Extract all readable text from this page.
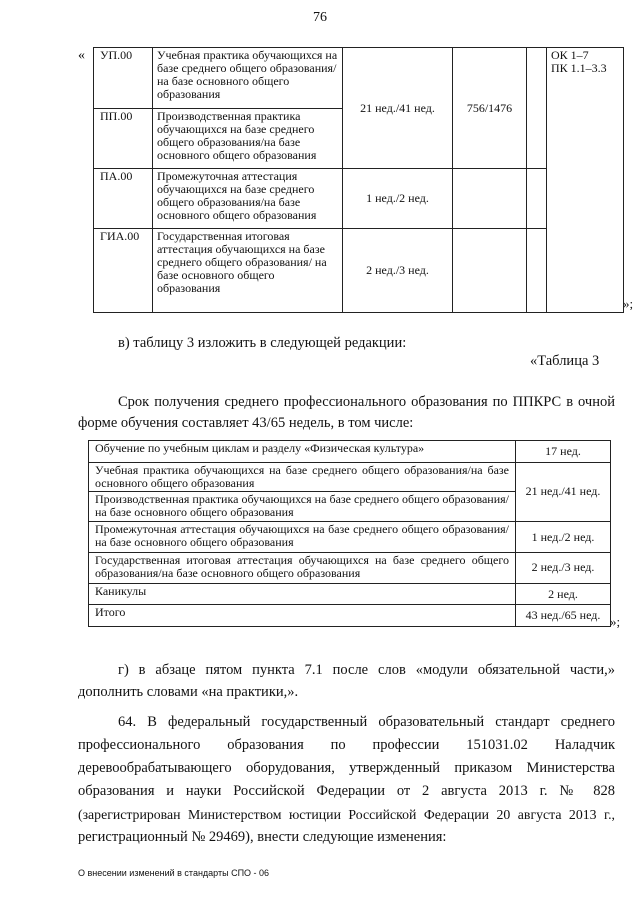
76
« УП.00	Учебная практика обучающихся на базе среднего общего образования/на базе основного общего образования	21 нед./41 нед.	756/1476		ОК 1–7
ПК 1.1–3.3

ПП.00	Производственная практика обучающихся на базе среднего общего образования/на базе основного общего образования				
ПА.00	Промежуточная аттестация обучающихся на базе среднего общего образования/на базе основного общего образования	1 нед./2 нед.			
ГИА.00	Государственная итоговая аттестация обучающихся на базе среднего общего образования/ на базе основного общего образования	2 нед./3 нед.			
»;
в) таблицу 3 изложить в следующей редакции:
«Таблица 3
Срок получения среднего профессионального образования по ППКРС в очной
форме обучения составляет 43/65 недель, в том числе:
Обучение по учебным циклам и разделу «Физическая культура»	17 нед.
Учебная практика обучающихся на базе среднего общего образования/на базе основного общего образования	21 нед./41 нед.
Производственная практика обучающихся на базе среднего общего образования/на базе основного общего образования	
Промежуточная аттестация обучающихся на базе среднего общего образования/на базе основного общего образования	1 нед./2 нед.
Государственная итоговая аттестация обучающихся на базе среднего общего образования/на базе основного общего образования	2 нед./3 нед.
Каникулы	2 нед.
Итого	43 нед./65 нед. »;
г) в абзаце пятом пункта 7.1 после слов «модули обязательной части,»
дополнить словами «на практики,».
64. В федеральный государственный образовательный стандарт среднего
профессионального образования по профессии 151031.02 Наладчик
деревообрабатывающего оборудования, утвержденный приказом Министерства
образования и науки Российской Федерации от 2 августа 2013 г. № 828
(зарегистрирован Министерством юстиции Российской Федерации 20 августа 2013 г.,
регистрационный № 29469), внести следующие изменения:
О внесении изменений в стандарты СПО - 06
